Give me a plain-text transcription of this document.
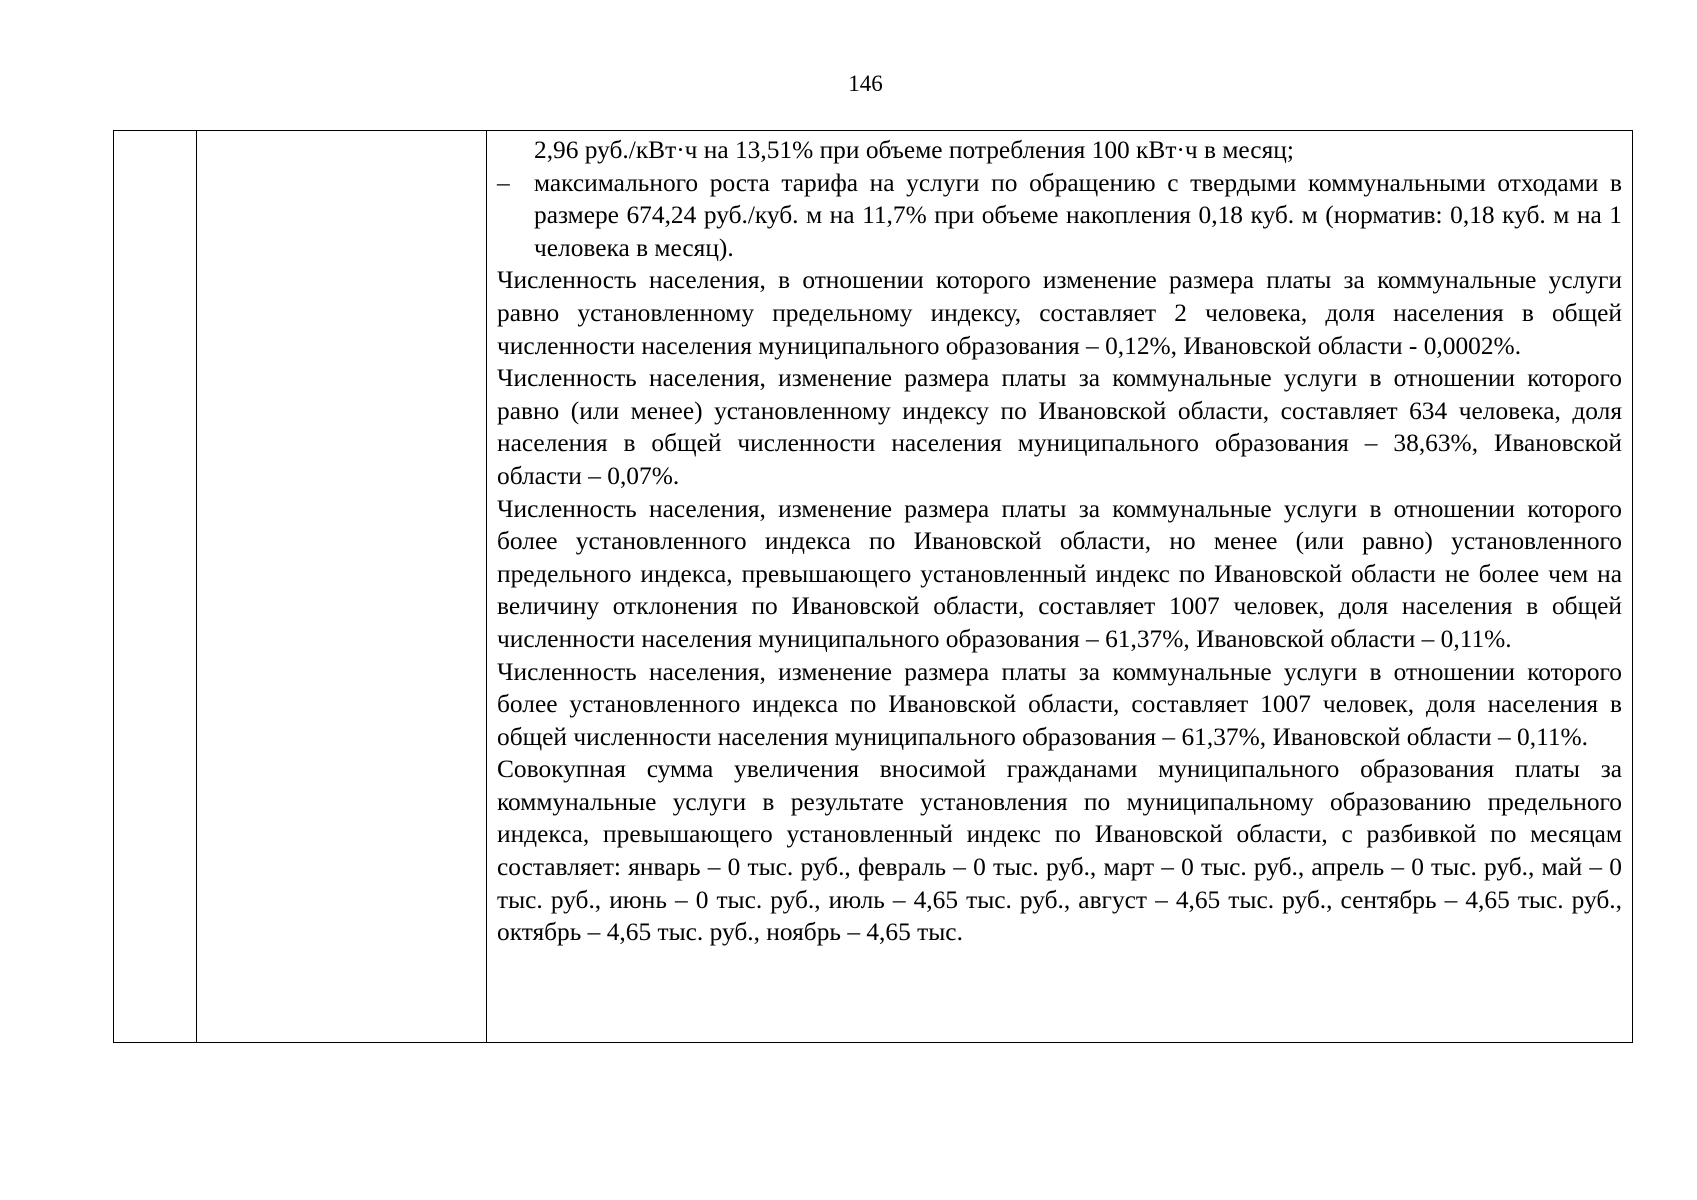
146

2,96 руб./кВт·ч на 13,51% при объеме потребления 100 кВт·ч в месяц;

– максимального роста тарифа на услуги по обращению с твердыми коммунальными отходами в размере 674,24 руб./куб. м на 11,7% при объеме накопления 0,18 куб. м (норматив: 0,18 куб. м на 1 человека в месяц).

Численность населения, в отношении которого изменение размера платы за коммунальные услуги равно установленному предельному индексу, составляет 2 человека, доля населения в общей численности населения муниципального образования – 0,12%, Ивановской области - 0,0002%.

Численность населения, изменение размера платы за коммунальные услуги в отношении которого равно (или менее) установленному индексу по Ивановской области, составляет 634 человека, доля населения в общей численности населения муниципального образования – 38,63%, Ивановской области – 0,07%.

Численность населения, изменение размера платы за коммунальные услуги в отношении которого более установленного индекса по Ивановской области, но менее (или равно) установленного предельного индекса, превышающего установленный индекс по Ивановской области не более чем на величину отклонения по Ивановской области, составляет 1007 человек, доля населения в общей численности населения муниципального образования – 61,37%, Ивановской области – 0,11%.

Численность населения, изменение размера платы за коммунальные услуги в отношении которого более установленного индекса по Ивановской области, составляет 1007 человек, доля населения в общей численности населения муниципального образования – 61,37%, Ивановской области – 0,11%.

Совокупная сумма увеличения вносимой гражданами муниципального образования платы за коммунальные услуги в результате установления по муниципальному образованию предельного индекса, превышающего установленный индекс по Ивановской области, с разбивкой по месяцам составляет: январь – 0 тыс. руб., февраль – 0 тыс. руб., март – 0 тыс. руб., апрель – 0 тыс. руб., май – 0 тыс. руб., июнь – 0 тыс. руб., июль – 4,65 тыс. руб., август – 4,65 тыс. руб., сентябрь – 4,65 тыс. руб., октябрь – 4,65 тыс. руб., ноябрь – 4,65 тыс.
